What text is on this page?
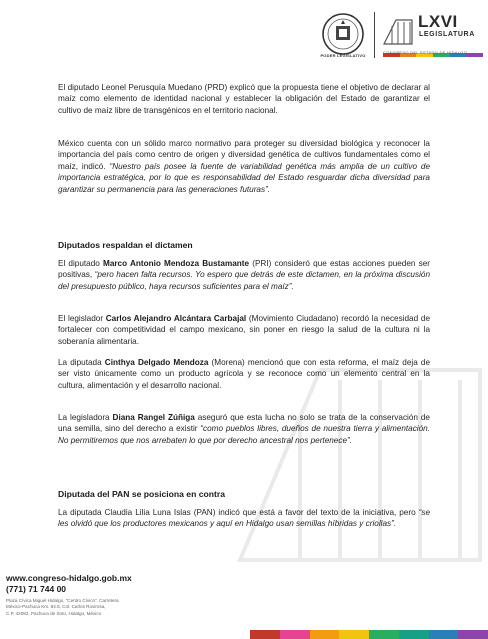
PODER LEGISLATIVO
LXVI
LEGISLATURA
CONGRESO DEL ESTADO DE HIDALGO

El diputado Leonel Perusquía Muedano (PRD) explicó que la propuesta tiene el objetivo de declarar al maíz como elemento de identidad nacional y establecer la obligación del Estado de garantizar el cultivo de maíz libre de transgénicos en el territorio nacional.

México cuenta con un sólido marco normativo para proteger su diversidad biológica y reconocer la importancia del país como centro de origen y diversidad genética de cultivos fundamentales como el maíz, indicó. “Nuestro país posee la fuente de variabilidad genética más amplia de un cultivo de importancia estratégica, por lo que es responsabilidad del Estado resguardar dicha diversidad para garantizar su permanencia para las generaciones futuras”.

Diputados respaldan el dictamen

El diputado Marco Antonio Mendoza Bustamante (PRI) consideró que estas acciones pueden ser positivas, “pero hacen falta recursos. Yo espero que detrás de este dictamen, en la próxima discusión del presupuesto público, haya recursos suficientes para el maíz”.

El legislador Carlos Alejandro Alcántara Carbajal (Movimiento Ciudadano) recordó la necesidad de fortalecer con competitividad el campo mexicano, sin poner en riesgo la salud de la cultura ni la soberanía alimentaria.

La diputada Cinthya Delgado Mendoza (Morena) mencionó que con esta reforma, el maíz deja de ser visto únicamente como un producto agrícola y se reconoce como un elemento central en la cultura, alimentación y el desarrollo nacional.

La legisladora Diana Rangel Zúñiga aseguró que esta lucha no solo se trata de la conservación de una semilla, sino del derecho a existir “como pueblos libres, dueños de nuestra tierra y alimentación. No permitiremos que nos arrebaten lo que por derecho ancestral nos pertenece”.

Diputada del PAN se posiciona en contra

La diputada Claudia Lilia Luna Islas (PAN) indicó que está a favor del texto de la iniciativa, pero “se les olvidó que los productores mexicanos y aquí en Hidalgo usan semillas híbridas y criollas”.

www.congreso-hidalgo.gob.mx
(771) 71 744 00
Plaza Cívica Miguel Hidalgo, “Centro Cívico”. Carretera
México-Pachuca Km. 84.5, Col. Carlos Rovirosa,
C.P. 42082, Pachuca de Soto, Hidalgo, México
